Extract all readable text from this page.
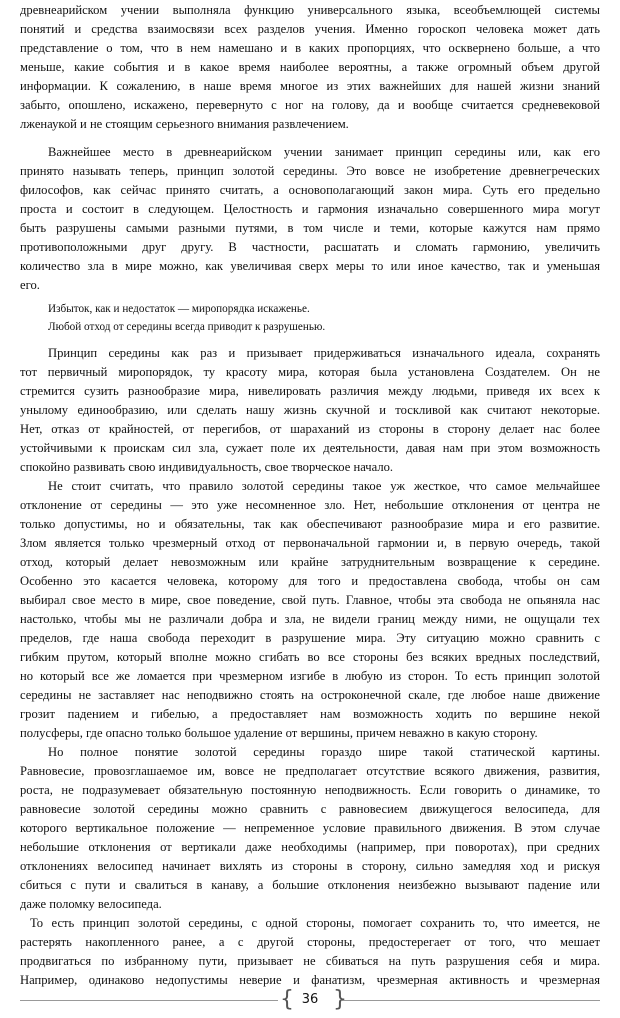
древнеарийском учении выполняла функцию универсального языка, всеобъемлющей системы
понятий и средства взаимосвязи всех разделов учения. Именно гороскоп человека может дать
представление о том, что в нем намешано и в каких пропорциях, что осквернено больше, а что
меньше, какие события и в какое время наиболее вероятны, а также огромный объем другой
информации. К сожалению, в наше время многое из этих важнейших для нашей жизни знаний
забыто, опошлено, искажено, перевернуто с ног на голову, да и вообще считается средневековой
лженаукой и не стоящим серьезного внимания развлечением.
Важнейшее место в древнеарийском учении занимает принцип середины или, как его
принято называть теперь, принцип золотой середины. Это вовсе не изобретение древнегреческих
философов, как сейчас принято считать, а основополагающий закон мира. Суть его предельно
проста и состоит в следующем. Целостность и гармония изначально совершенного мира могут
быть разрушены самыми разными путями, в том числе и теми, которые кажутся нам прямо
противоположными друг другу. В частности, расшатать и сломать гармонию, увеличить
количество зла в мире можно, как увеличивая сверх меры то или иное качество, так и уменьшая
его.
Избыток, как и недостаток — миропорядка искаженье.
Любой отход от середины всегда приводит к разрушенью.
Принцип середины как раз и призывает придерживаться изначального идеала, сохранять
тот первичный миропорядок, ту красоту мира, которая была установлена Создателем. Он не
стремится сузить разнообразие мира, нивелировать различия между людьми, приведя их всех к
унылому единообразию, или сделать нашу жизнь скучной и тоскливой как считают некоторые.
Нет, отказ от крайностей, от перегибов, от шараханий из стороны в сторону делает нас более
устойчивыми к проискам сил зла, сужает поле их деятельности, давая нам при этом возможность
спокойно развивать свою индивидуальность, свое творческое начало.
Не стоит считать, что правило золотой середины такое уж жесткое, что самое мельчайшее
отклонение от середины — это уже несомненное зло. Нет, небольшие отклонения от центра не
только допустимы, но и обязательны, так как обеспечивают разнообразие мира и его развитие.
Злом является только чрезмерный отход от первоначальной гармонии и, в первую очередь, такой
отход, который делает невозможным или крайне затруднительным возвращение к середине.
Особенно это касается человека, которому для того и предоставлена свобода, чтобы он сам
выбирал свое место в мире, свое поведение, свой путь. Главное, чтобы эта свобода не опьяняла нас
настолько, чтобы мы не различали добра и зла, не видели границ между ними, не ощущали тех
пределов, где наша свобода переходит в разрушение мира. Эту ситуацию можно сравнить с
гибким прутом, который вполне можно сгибать во все стороны без всяких вредных последствий,
но который все же ломается при чрезмерном изгибе в любую из сторон. То есть принцип золотой
середины не заставляет нас неподвижно стоять на остроконечной скале, где любое наше движение
грозит падением и гибелью, а предоставляет нам возможность ходить по вершине некой
полусферы, где опасно только большое удаление от вершины, причем неважно в какую сторону.
Но полное понятие золотой середины гораздо шире такой статической картины.
Равновесие, провозглашаемое им, вовсе не предполагает отсутствие всякого движения, развития,
роста, не подразумевает обязательную постоянную неподвижность. Если говорить о динамике, то
равновесие золотой середины можно сравнить с равновесием движущегося велосипеда, для
которого вертикальное положение — непременное условие правильного движения. В этом случае
небольшие отклонения от вертикали даже необходимы (например, при поворотах), при средних
отклонениях велосипед начинает вихлять из стороны в сторону, сильно замедляя ход и рискуя
сбиться с пути и свалиться в канаву, а большие отклонения неизбежно вызывают падение или
даже поломку велосипеда.
То есть принцип золотой середины, с одной стороны, помогает сохранить то, что имеется, не
растерять накопленного ранее, а с другой стороны, предостерегает от того, что мешает
продвигаться по избранному пути, призывает не сбиваться на путь разрушения себя и мира.
Например, одинаково недопустимы неверие и фанатизм, чрезмерная активность и чрезмерная
{ 36 }
